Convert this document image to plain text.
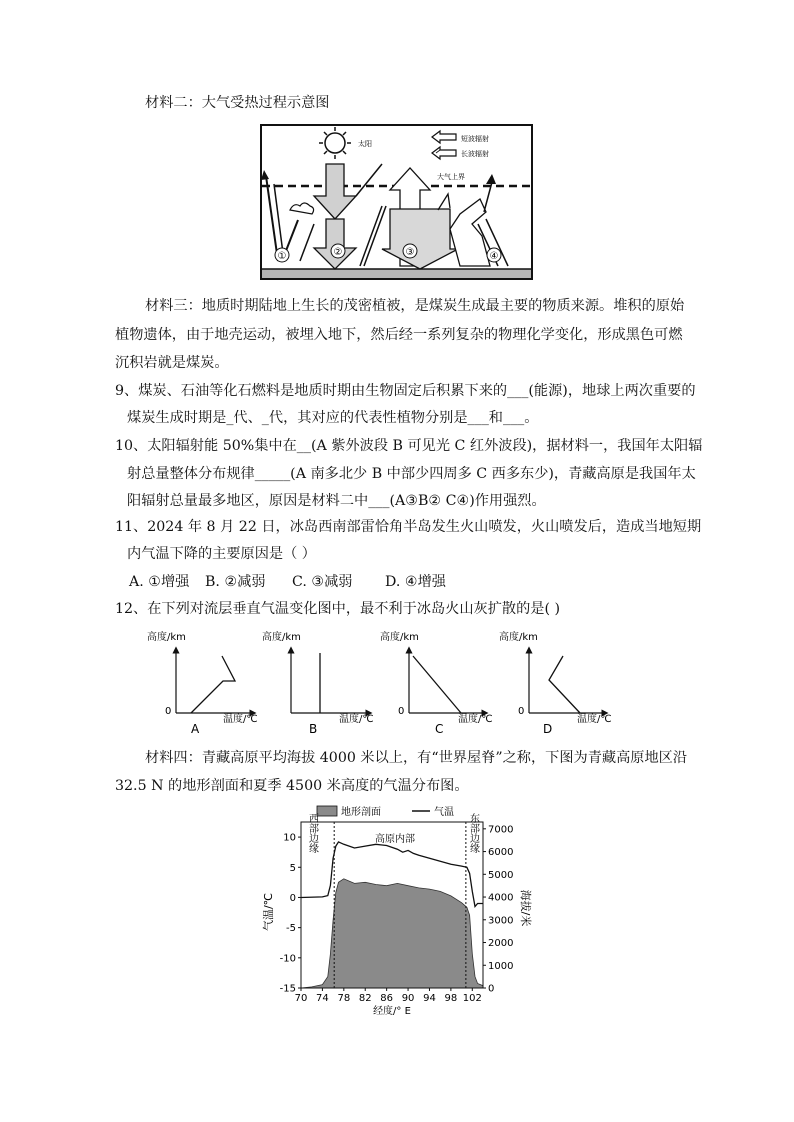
材料二：大气受热过程示意图
太阳
短波辐射
长波辐射
大气上界
①	②	③	④
材料三：地质时期陆地上生长的茂密植被，是煤炭生成最主要的物质来源。堆积的原始
植物遗体，由于地壳运动，被埋入地下，然后经一系列复杂的物理化学变化，形成黑色可燃
沉积岩就是煤炭。
9、煤炭、石油等化石燃料是地质时期由生物固定后积累下来的___(能源)，地球上两次重要的
煤炭生成时期是_代、_代，其对应的代表性植物分别是___和___。
10、太阳辐射能 50%集中在__(A 紫外波段 B 可见光 C 红外波段)，据材料一，我国年太阳辐
射总量整体分布规律_____(A 南多北少 B 中部少四周多 C 西多东少)，青藏高原是我国年太
阳辐射总量最多地区，原因是材料二中___(A③B② C④)作用强烈。
11、2024 年 8 月 22 日，冰岛西南部雷恰角半岛发生火山喷发，火山喷发后，造成当地短期
内气温下降的主要原因是（ ）
A. ①增强 B. ②减弱 C. ③减弱 D. ④增强
12、在下列对流层垂直气温变化图中，最不利于冰岛火山灰扩散的是( )
高度/km
0
温度/℃
A
高度/km
温度/℃
B
高度/km
0
温度/℃
C
高度/km
0
温度/℃
D
材料四：青藏高原平均海拔 4000 米以上，有“世界屋脊”之称，下图为青藏高原地区沿
32.5 N 的地形剖面和夏季 4500 米高度的气温分布图。
地形剖面	气温
70 74 78 82 86 90 94 98 102
10
5
0
-5
-10
-15
7000
6000
5000
4000
3000
2000
1000
0
西部边缘	高原内部	东部边缘
气温/℃	海拔/米
经度/° E
